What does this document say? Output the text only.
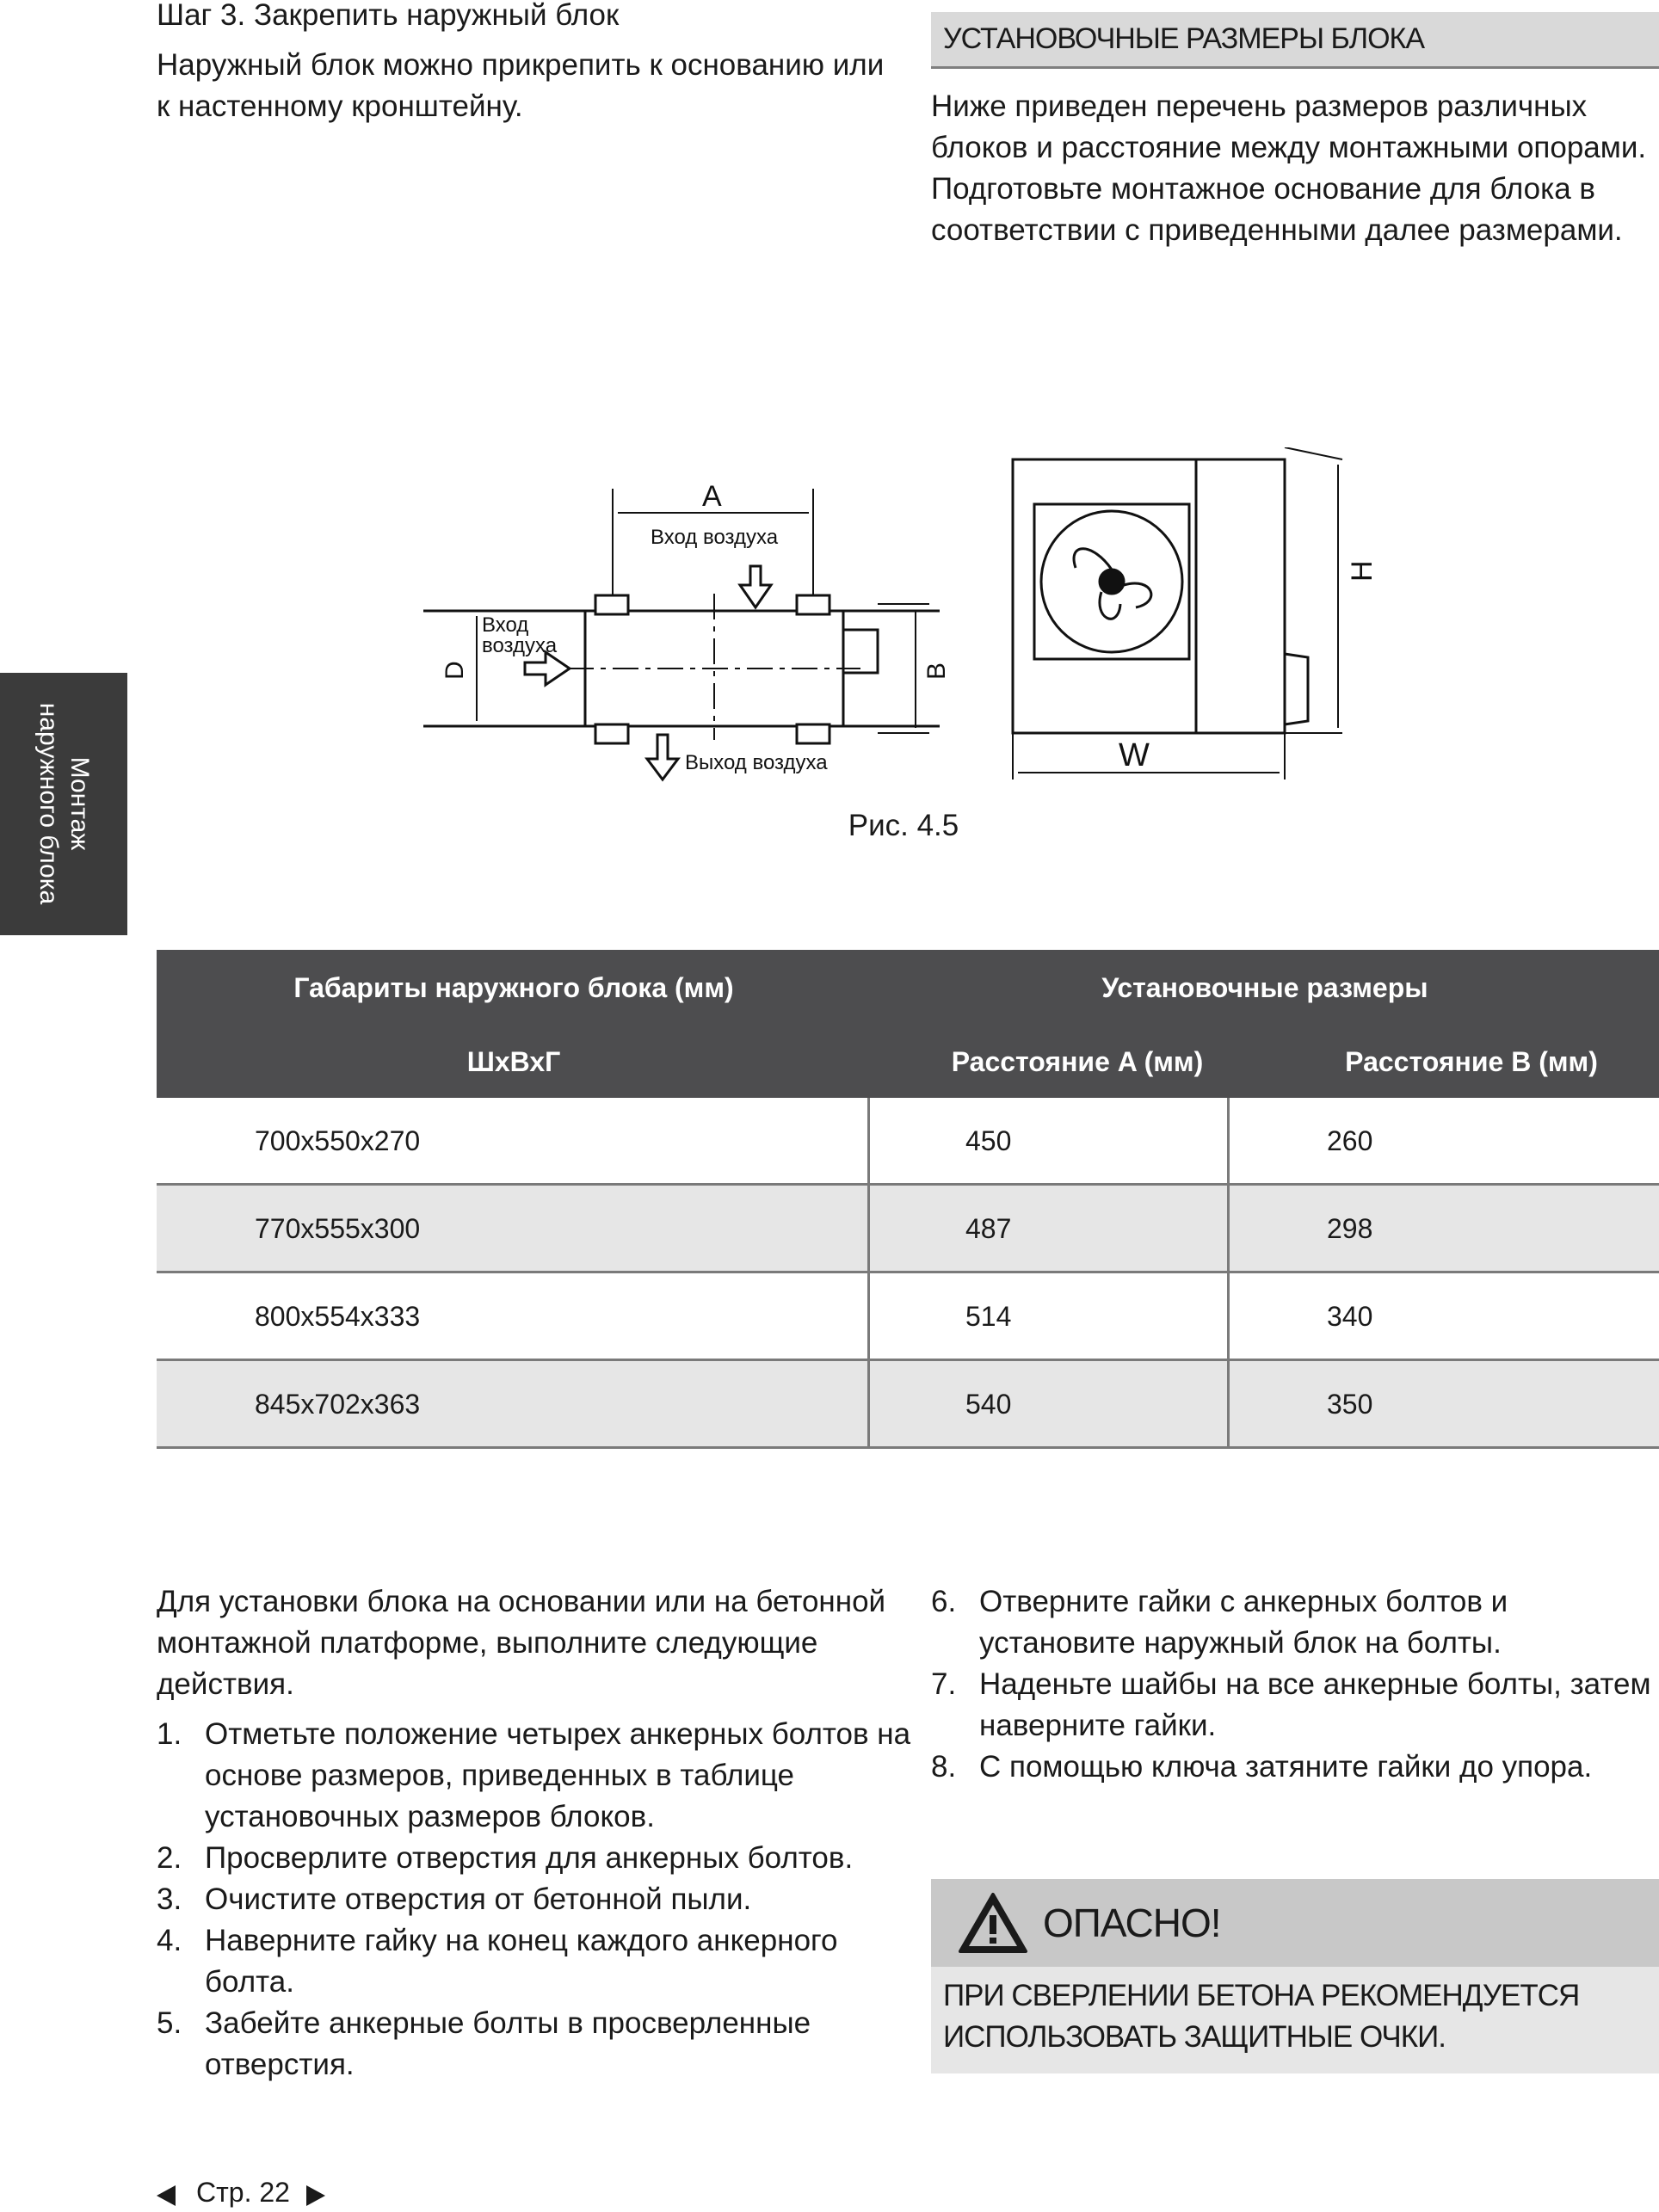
Шаг 3. Закрепить наружный блок
Наружный блок можно прикрепить к основанию или к настенному кронштейну.
УСТАНОВОЧНЫЕ РАЗМЕРЫ БЛОКА
Ниже приведен перечень размеров различных блоков и расстояние между монтажными опорами. Подготовьте монтажное основание для блока в соответствии с приведенными далее размерами.
Монтаж
наружного блока
A
Вход воздуха
Вход
воздуха
Выход воздуха
D	B
H
W
Рис. 4.5
Габариты наружного блока (мм)	Установочные размеры
ШхВхГ	Расстояние A (мм)	Расстояние B (мм)
700x550x270	450	260
770x555x300	487	298
800x554x333	514	340
845x702x363	540	350
Для установки блока на основании или на бетонной монтажной платформе, выполните следующие действия.
1. Отметьте положение четырех анкерных болтов на основе размеров, приведенных в таблице установочных размеров блоков.
2. Просверлите отверстия для анкерных болтов.
3. Очистите отверстия от бетонной пыли.
4. Наверните гайку на конец каждого анкерного болта.
5. Забейте анкерные болты в просверленные отверстия.
6. Отверните гайки с анкерных болтов и установите наружный блок на болты.
7. Наденьте шайбы на все анкерные болты, затем наверните гайки.
8. С помощью ключа затяните гайки до упора.
ОПАСНО!
ПРИ СВЕРЛЕНИИ БЕТОНА РЕКОМЕНДУЕТСЯ ИСПОЛЬЗОВАТЬ ЗАЩИТНЫЕ ОЧКИ.
Стр. 22
